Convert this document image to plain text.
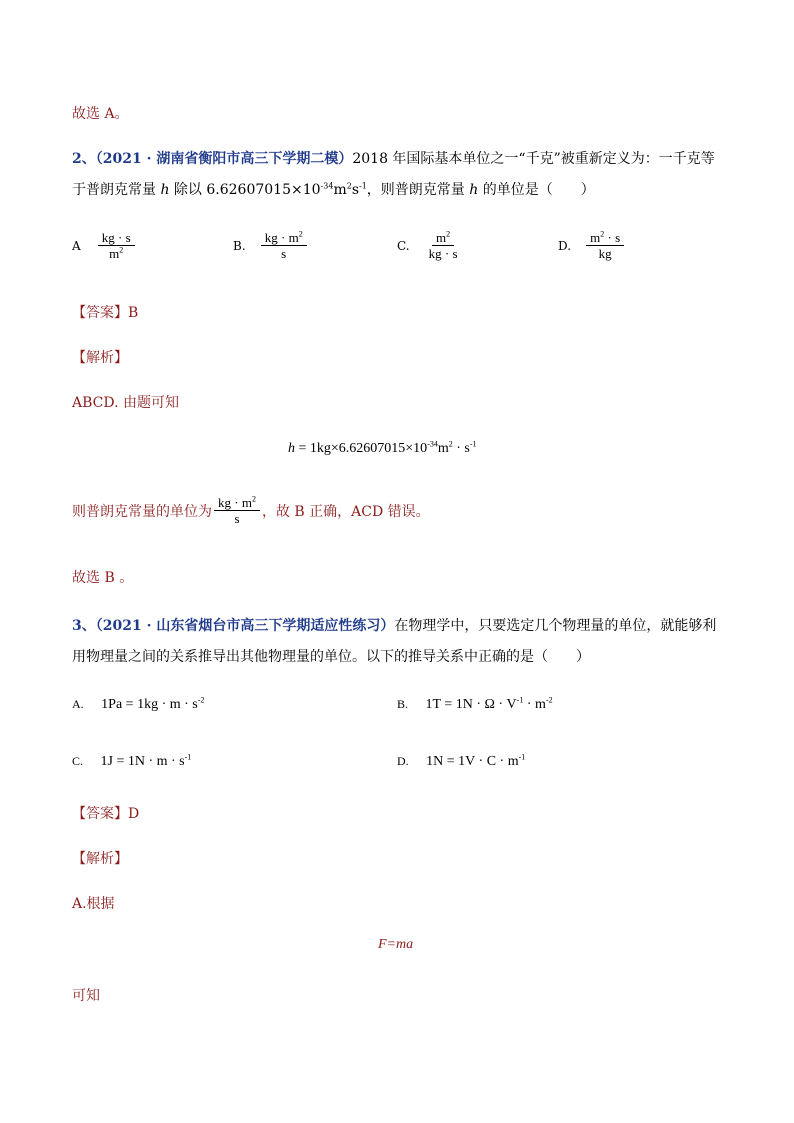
故选 A。
2、（2021 · 湖南省衡阳市高三下学期二模）2018 年国际基本单位之一“千克”被重新定义为：一千克等
于普朗克常量 h 除以 $6.62607015\times 10^{-34}m^2s^{-1}$，则普朗克常量 h 的单位是（　　）
A $\frac{kg \cdot s}{m^2}$	B. $\frac{kg \cdot m^2}{s}$	C. $\frac{m^2}{kg \cdot s}$	D. $\frac{m^2 \cdot s}{kg}$
【答案】B
【解析】
ABCD. 由题可知
$h = 1kg\times 6.62607015\times 10^{-34}m^2 \cdot s^{-1}$
则普朗克常量的单位为 $\frac{kg \cdot m^2}{s}$ ，故 B 正确，ACD 错误。
故选 B 。
3、（2021 · 山东省烟台市高三下学期适应性练习）在物理学中，只要选定几个物理量的单位，就能够利
用物理量之间的关系推导出其他物理量的单位。以下的推导关系中正确的是（　　）
A. $1Pa = 1kg \cdot m \cdot s^{-2}$	B. $1T = 1N \cdot \Omega \cdot V^{-1} \cdot m^{-2}$
C. $1J = 1N \cdot m \cdot s^{-1}$	D. $1N = 1V \cdot C \cdot m^{-1}$
【答案】D
【解析】
A.根据
F=ma
可知
